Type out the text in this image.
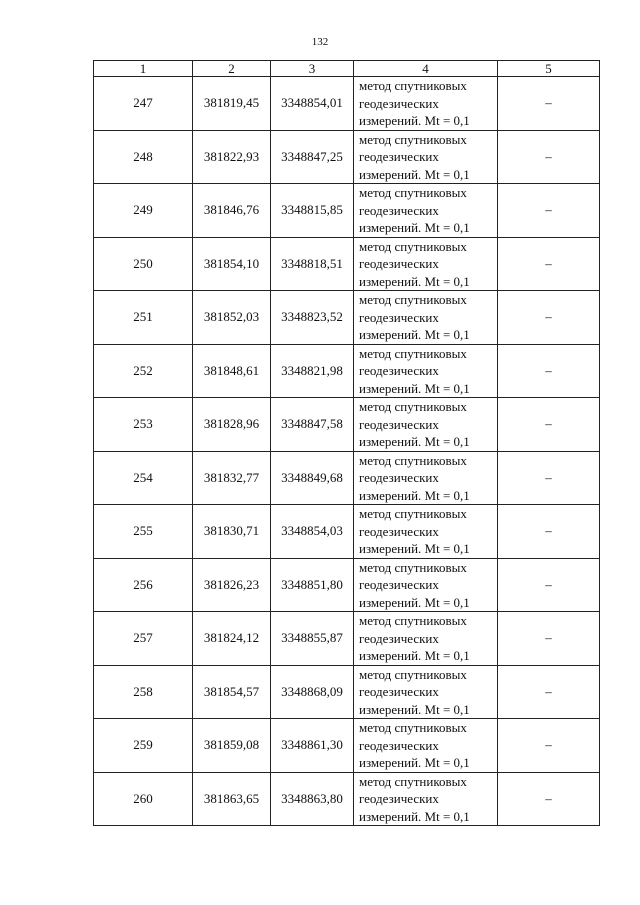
132
1	2	3	4	5
247	381819,45	3348854,01	метод спутниковых
геодезических
измерений. Mt = 0,1	–
248	381822,93	3348847,25	метод спутниковых
геодезических
измерений. Mt = 0,1	–
249	381846,76	3348815,85	метод спутниковых
геодезических
измерений. Mt = 0,1	–
250	381854,10	3348818,51	метод спутниковых
геодезических
измерений. Mt = 0,1	–
251	381852,03	3348823,52	метод спутниковых
геодезических
измерений. Mt = 0,1	–
252	381848,61	3348821,98	метод спутниковых
геодезических
измерений. Mt = 0,1	–
253	381828,96	3348847,58	метод спутниковых
геодезических
измерений. Mt = 0,1	–
254	381832,77	3348849,68	метод спутниковых
геодезических
измерений. Mt = 0,1	–
255	381830,71	3348854,03	метод спутниковых
геодезических
измерений. Mt = 0,1	–
256	381826,23	3348851,80	метод спутниковых
геодезических
измерений. Mt = 0,1	–
257	381824,12	3348855,87	метод спутниковых
геодезических
измерений. Mt = 0,1	–
258	381854,57	3348868,09	метод спутниковых
геодезических
измерений. Mt = 0,1	–
259	381859,08	3348861,30	метод спутниковых
геодезических
измерений. Mt = 0,1	–
260	381863,65	3348863,80	метод спутниковых
геодезических
измерений. Mt = 0,1	–
